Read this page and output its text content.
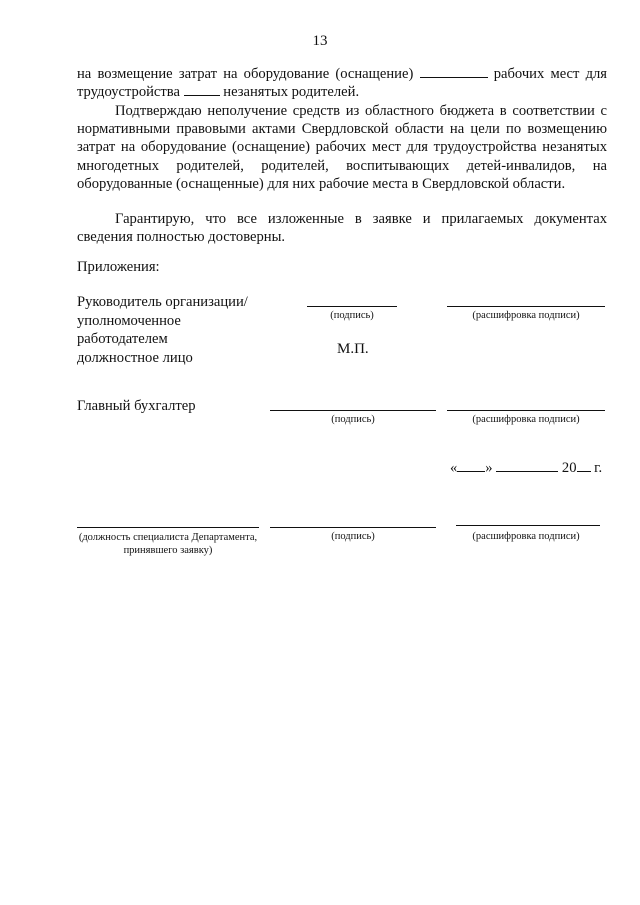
13

на возмещение затрат на оборудование (оснащение)	рабочих мест для трудоустройства	незанятых родителей.

Подтверждаю неполучение средств из областного бюджета в соответствии с нормативными правовыми актами Свердловской области на цели по возмещению затрат на оборудование (оснащение) рабочих мест для трудоустройства незанятых многодетных родителей, родителей, воспитывающих детей-инвалидов, на оборудованные (оснащенные) для них рабочие места в Свердловской области.

Гарантирую, что все изложенные в заявке и прилагаемых документах сведения полностью достоверны.

Приложения:
Руководитель организации/
уполномоченное
работодателем
должностное лицо
(подпись)	(расшифровка подписи)
М.П.
Главный бухгалтер
(подпись)	(расшифровка подписи)
« »	20 г.
(должность специалиста Департамента,
принявшего заявку)
(подпись)	(расшифровка подписи)
